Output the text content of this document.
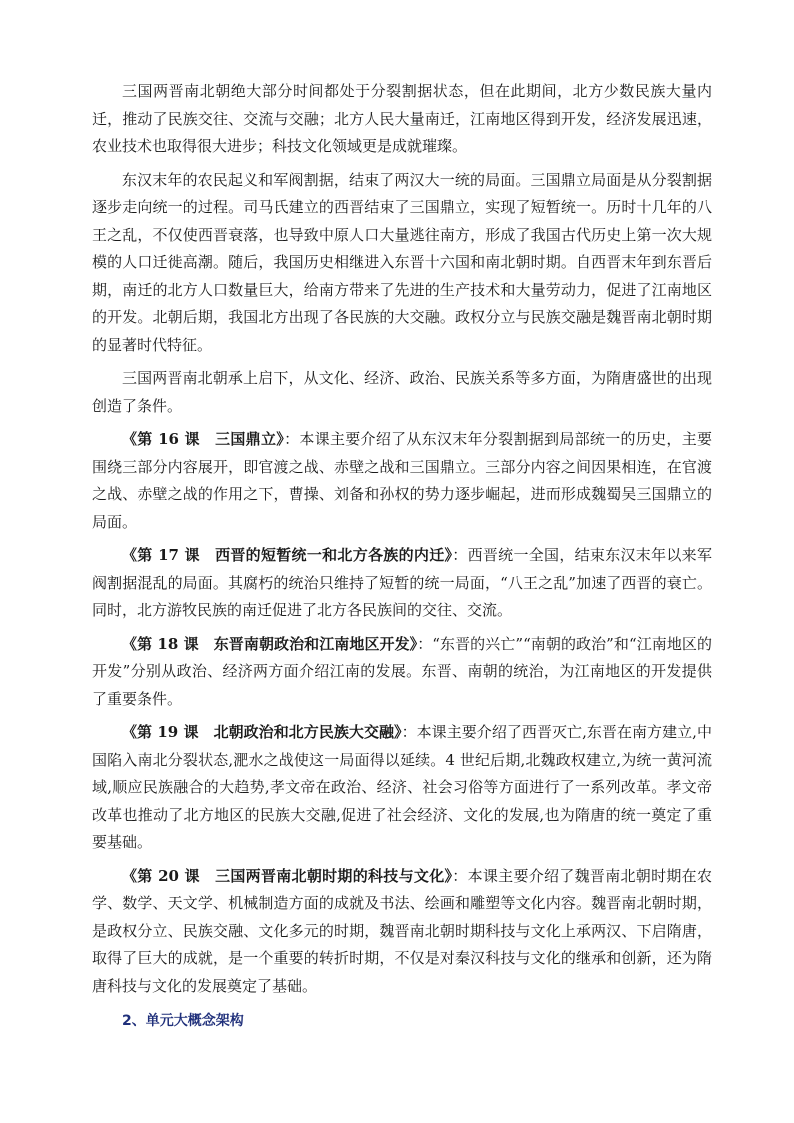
三国两晋南北朝绝大部分时间都处于分裂割据状态，但在此期间，北方少数民族大量内迁，推动了民族交往、交流与交融；北方人民大量南迁，江南地区得到开发，经济发展迅速，农业技术也取得很大进步；科技文化领域更是成就璀璨。

东汉末年的农民起义和军阀割据，结束了两汉大一统的局面。三国鼎立局面是从分裂割据逐步走向统一的过程。司马氏建立的西晋结束了三国鼎立，实现了短暂统一。历时十几年的八王之乱，不仅使西晋衰落，也导致中原人口大量逃往南方，形成了我国古代历史上第一次大规模的人口迁徙高潮。随后，我国历史相继进入东晋十六国和南北朝时期。自西晋末年到东晋后期，南迁的北方人口数量巨大，给南方带来了先进的生产技术和大量劳动力，促进了江南地区的开发。北朝后期，我国北方出现了各民族的大交融。政权分立与民族交融是魏晋南北朝时期的显著时代特征。

三国两晋南北朝承上启下，从文化、经济、政治、民族关系等多方面，为隋唐盛世的出现创造了条件。

《第 16 课　三国鼎立》：本课主要介绍了从东汉末年分裂割据到局部统一的历史，主要围绕三部分内容展开，即官渡之战、赤壁之战和三国鼎立。三部分内容之间因果相连，在官渡之战、赤壁之战的作用之下，曹操、刘备和孙权的势力逐步崛起，进而形成魏蜀吴三国鼎立的局面。

《第 17 课　西晋的短暂统一和北方各族的内迁》：西晋统一全国，结束东汉末年以来军阀割据混乱的局面。其腐朽的统治只维持了短暂的统一局面，“八王之乱”加速了西晋的衰亡。同时，北方游牧民族的南迁促进了北方各民族间的交往、交流。

《第 18 课　东晋南朝政治和江南地区开发》：“东晋的兴亡”“南朝的政治”和“江南地区的开发”分别从政治、经济两方面介绍江南的发展。东晋、南朝的统治，为江南地区的开发提供了重要条件。

《第 19 课　北朝政治和北方民族大交融》：本课主要介绍了西晋灭亡,东晋在南方建立,中国陷入南北分裂状态,淝水之战使这一局面得以延续。4 世纪后期,北魏政权建立,为统一黄河流域,顺应民族融合的大趋势,孝文帝在政治、经济、社会习俗等方面进行了一系列改革。孝文帝改革也推动了北方地区的民族大交融,促进了社会经济、文化的发展,也为隋唐的统一奠定了重要基础。

《第 20 课　三国两晋南北朝时期的科技与文化》：本课主要介绍了魏晋南北朝时期在农学、数学、天文学、机械制造方面的成就及书法、绘画和雕塑等文化内容。魏晋南北朝时期，是政权分立、民族交融、文化多元的时期，魏晋南北朝时期科技与文化上承两汉、下启隋唐，取得了巨大的成就，是一个重要的转折时期，不仅是对秦汉科技与文化的继承和创新，还为隋唐科技与文化的发展奠定了基础。

2、单元大概念架构
